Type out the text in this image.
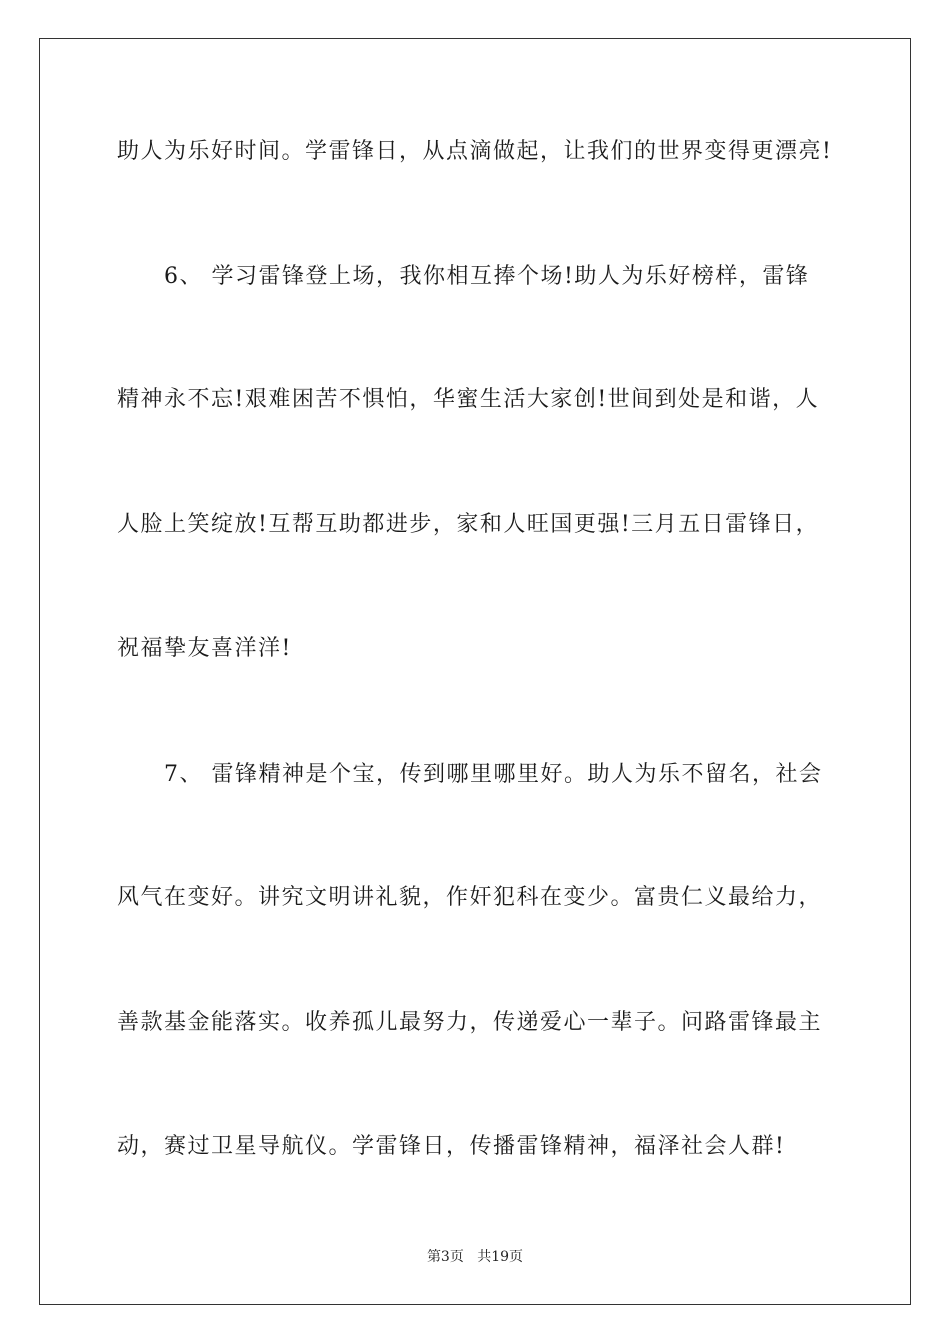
助人为乐好时间。学雷锋日，从点滴做起，让我们的世界变得更漂亮!
6、 学习雷锋登上场，我你相互捧个场!助人为乐好榜样，雷锋
精神永不忘!艰难困苦不惧怕，华蜜生活大家创!世间到处是和谐，人
人脸上笑绽放!互帮互助都进步，家和人旺国更强!三月五日雷锋日，
祝福挚友喜洋洋!
7、 雷锋精神是个宝，传到哪里哪里好。助人为乐不留名，社会
风气在变好。讲究文明讲礼貌，作奸犯科在变少。富贵仁义最给力，
善款基金能落实。收养孤儿最努力，传递爱心一辈子。问路雷锋最主
动，赛过卫星导航仪。学雷锋日，传播雷锋精神，福泽社会人群!
第3页 共19页
